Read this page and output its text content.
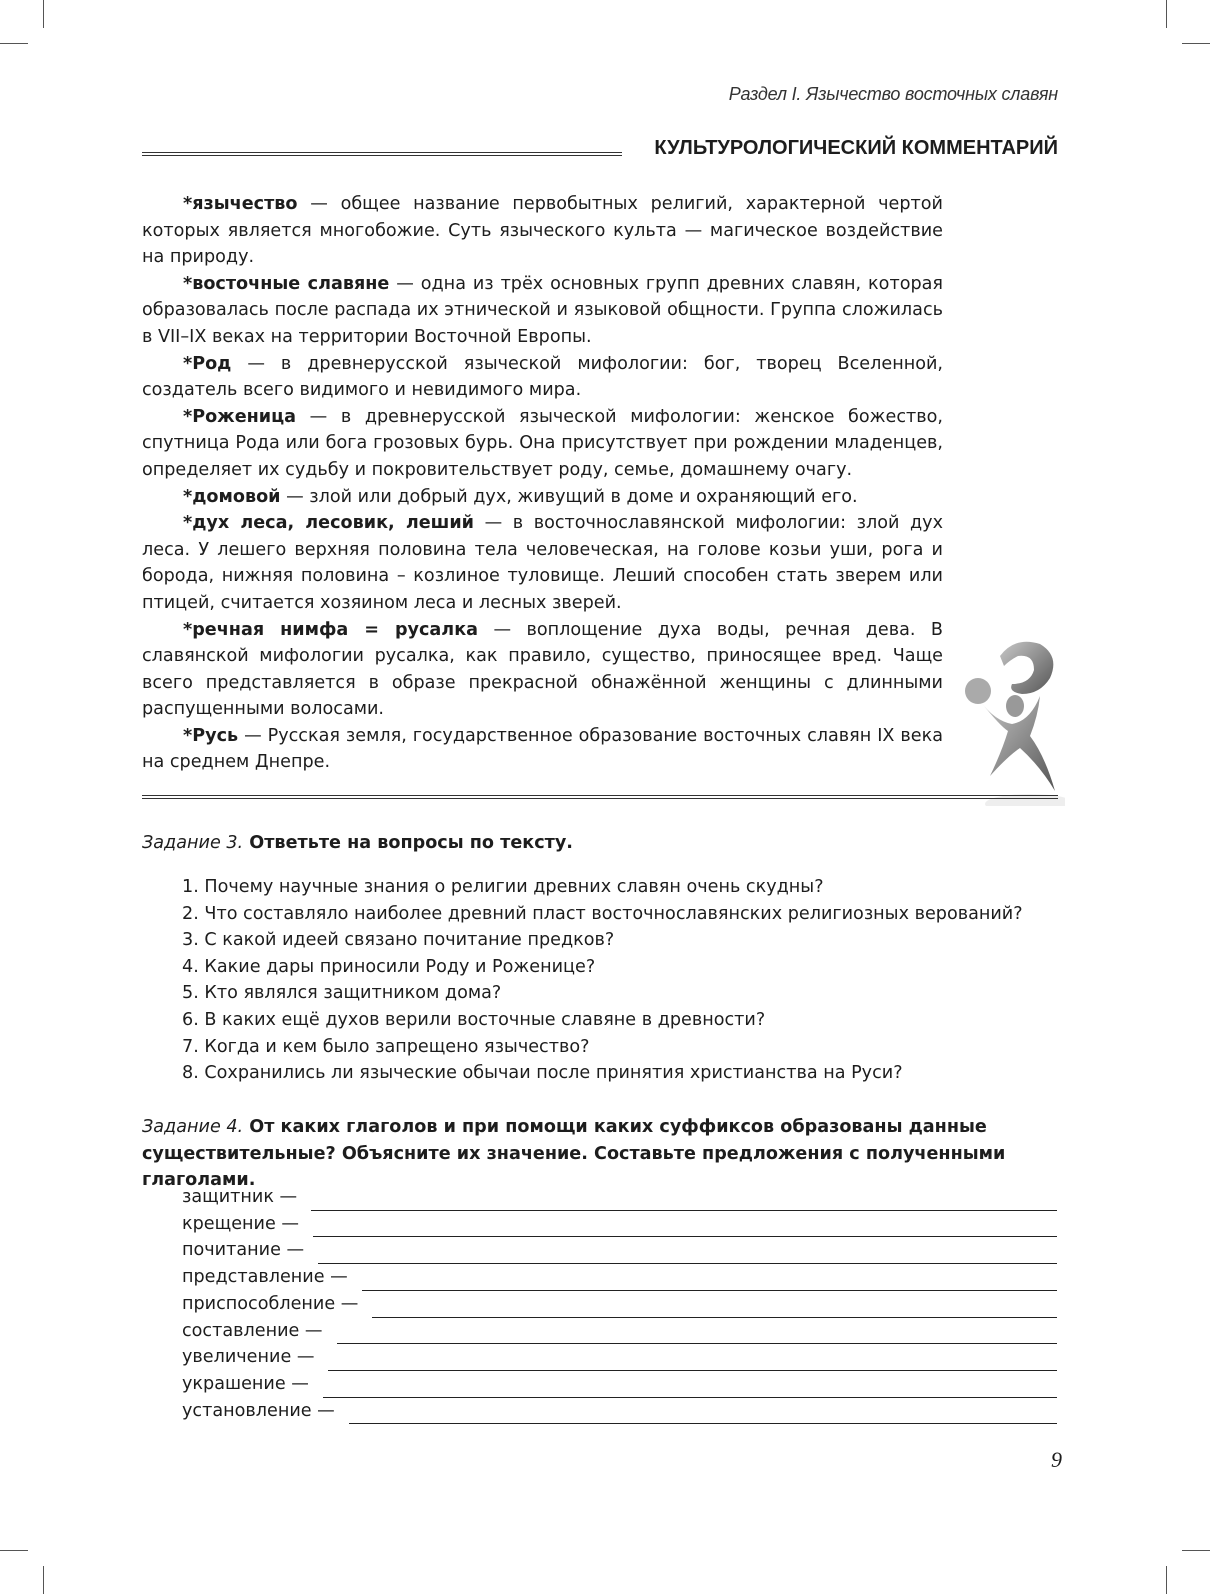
Раздел I. Язычество восточных славян
КУЛЬТУРОЛОГИЧЕСКИЙ КОММЕНТАРИЙ

*язычество — общее название первобытных религий, характерной чертой которых является многобожие. Суть языческого культа — магическое воздействие на природу.

*восточные славяне — одна из трёх основных групп древних славян, которая образовалась после распада их этнической и языковой общности. Группа сложилась в VII–IX веках на территории Восточной Европы.

*Род — в древнерусской языческой мифологии: бог, творец Вселенной, создатель всего видимого и невидимого мира.

*Роженица — в древнерусской языческой мифологии: женское божество, спутница Рода или бога грозовых бурь. Она присутствует при рождении младенцев, определяет их судьбу и покровительствует роду, семье, домашнему очагу.

*домовой — злой или добрый дух, живущий в доме и охраняющий его.

*дух леса, лесовик, леший — в восточнославянской мифологии: злой дух леса. У лешего верхняя половина тела человеческая, на голове козьи уши, рога и борода, нижняя половина – козлиное туловище. Леший способен стать зверем или птицей, считается хозяином леса и лесных зверей.

*речная нимфа = русалка — воплощение духа воды, речная дева. В славянской мифологии русалка, как правило, существо, приносящее вред. Чаще всего представляется в образе прекрасной обнажённой женщины с длинными распущенными волосами.

*Русь — Русская земля, государственное образование восточных славян IX века на среднем Днепре.

Задание 3. Ответьте на вопросы по тексту.
1. Почему научные знания о религии древних славян очень скудны?
2. Что составляло наиболее древний пласт восточнославянских религиозных верований?
3. С какой идеей связано почитание предков?
4. Какие дары приносили Роду и Роженице?
5. Кто являлся защитником дома?
6. В каких ещё духов верили восточные славяне в древности?
7. Когда и кем было запрещено язычество?
8. Сохранились ли языческие обычаи после принятия христианства на Руси?
Задание 4. От каких глаголов и при помощи каких суффиксов образованы данные существительные? Объясните их значение. Составьте предложения с полученными глаголами.
защитник —
крещение —
почитание —
представление —
приспособление —
составление —
увеличение —
украшение —
установление —
9
